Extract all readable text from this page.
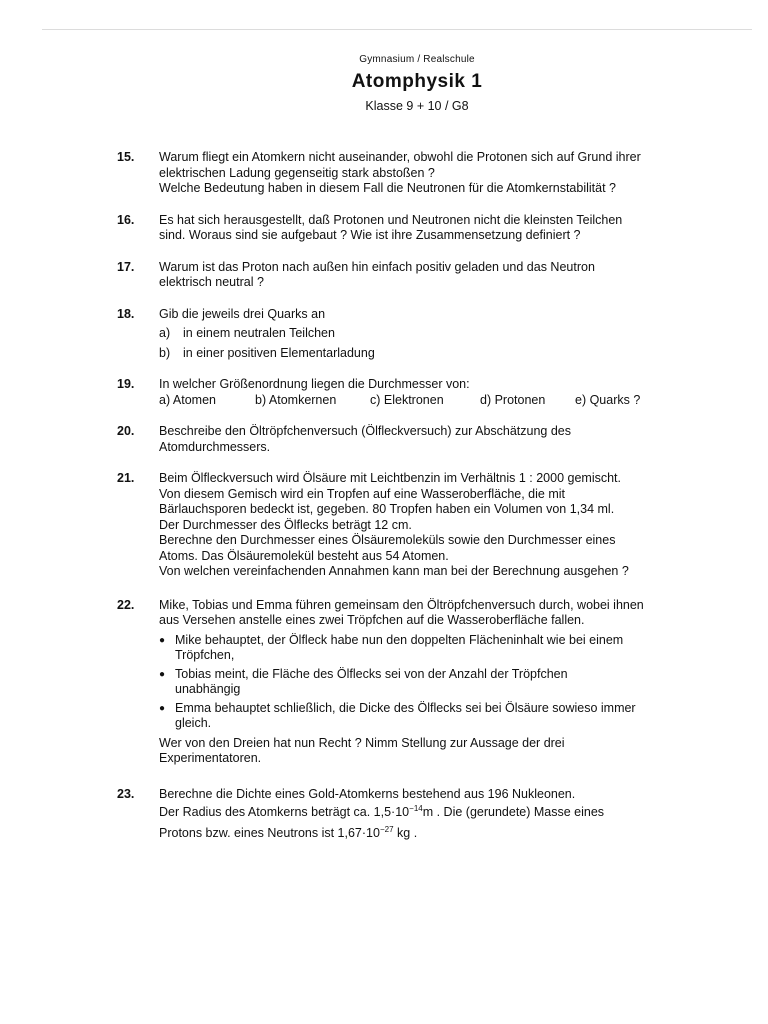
Gymnasium / Realschule
Atomphysik 1
Klasse 9 + 10 / G8
15.	Warum fliegt ein Atomkern nicht auseinander, obwohl die Protonen sich auf Grund ihrer
elektrischen Ladung gegenseitig stark abstoßen ?
Welche Bedeutung haben in diesem Fall die Neutronen für die Atomkernstabilität ?
16.	Es hat sich herausgestellt, daß Protonen und Neutronen nicht die kleinsten Teilchen
sind. Woraus sind sie aufgebaut ? Wie ist ihre Zusammensetzung definiert ?
17.	Warum ist das Proton nach außen hin einfach positiv geladen und das Neutron
elektrisch neutral ?
18.	Gib die jeweils drei Quarks an
a)	in einem neutralen Teilchen
b)	in einer positiven Elementarladung
19.	In welcher Größenordnung liegen die Durchmesser von:
a) Atomen	b) Atomkernen	c) Elektronen	d) Protonen	e) Quarks ?
20.	Beschreibe den Öltröpfchenversuch (Ölfleckversuch) zur Abschätzung des
Atomdurchmessers.
21.	Beim Ölfleckversuch wird Ölsäure mit Leichtbenzin im Verhältnis 1 : 2000 gemischt.
Von diesem Gemisch wird ein Tropfen auf eine Wasseroberfläche, die mit
Bärlauchsporen bedeckt ist, gegeben. 80 Tropfen haben ein Volumen von 1,34 ml.
Der Durchmesser des Ölflecks beträgt 12 cm.
Berechne den Durchmesser eines Ölsäuremoleküls sowie den Durchmesser eines
Atoms. Das Ölsäuremolekül besteht aus 54 Atomen.
Von welchen vereinfachenden Annahmen kann man bei der Berechnung ausgehen ?
22.	Mike, Tobias und Emma führen gemeinsam den Öltröpfchenversuch durch, wobei ihnen
aus Versehen anstelle eines zwei Tröpfchen auf die Wasseroberfläche fallen.
● Mike behauptet, der Ölfleck habe nun den doppelten Flächeninhalt wie bei einem
Tröpfchen,
● Tobias meint, die Fläche des Ölflecks sei von der Anzahl der Tröpfchen
unabhängig
● Emma behauptet schließlich, die Dicke des Ölflecks sei bei Ölsäure sowieso immer
gleich.
Wer von den Dreien hat nun Recht ? Nimm Stellung zur Aussage der drei
Experimentatoren.
23.	Berechne die Dichte eines Gold-Atomkerns bestehend aus 196 Nukleonen.
Der Radius des Atomkerns beträgt ca. $1,5\cdot 10^{-14}m$ . Die (gerundete) Masse eines
Protons bzw. eines Neutrons ist $1,67\cdot 10^{-27}$ kg .
